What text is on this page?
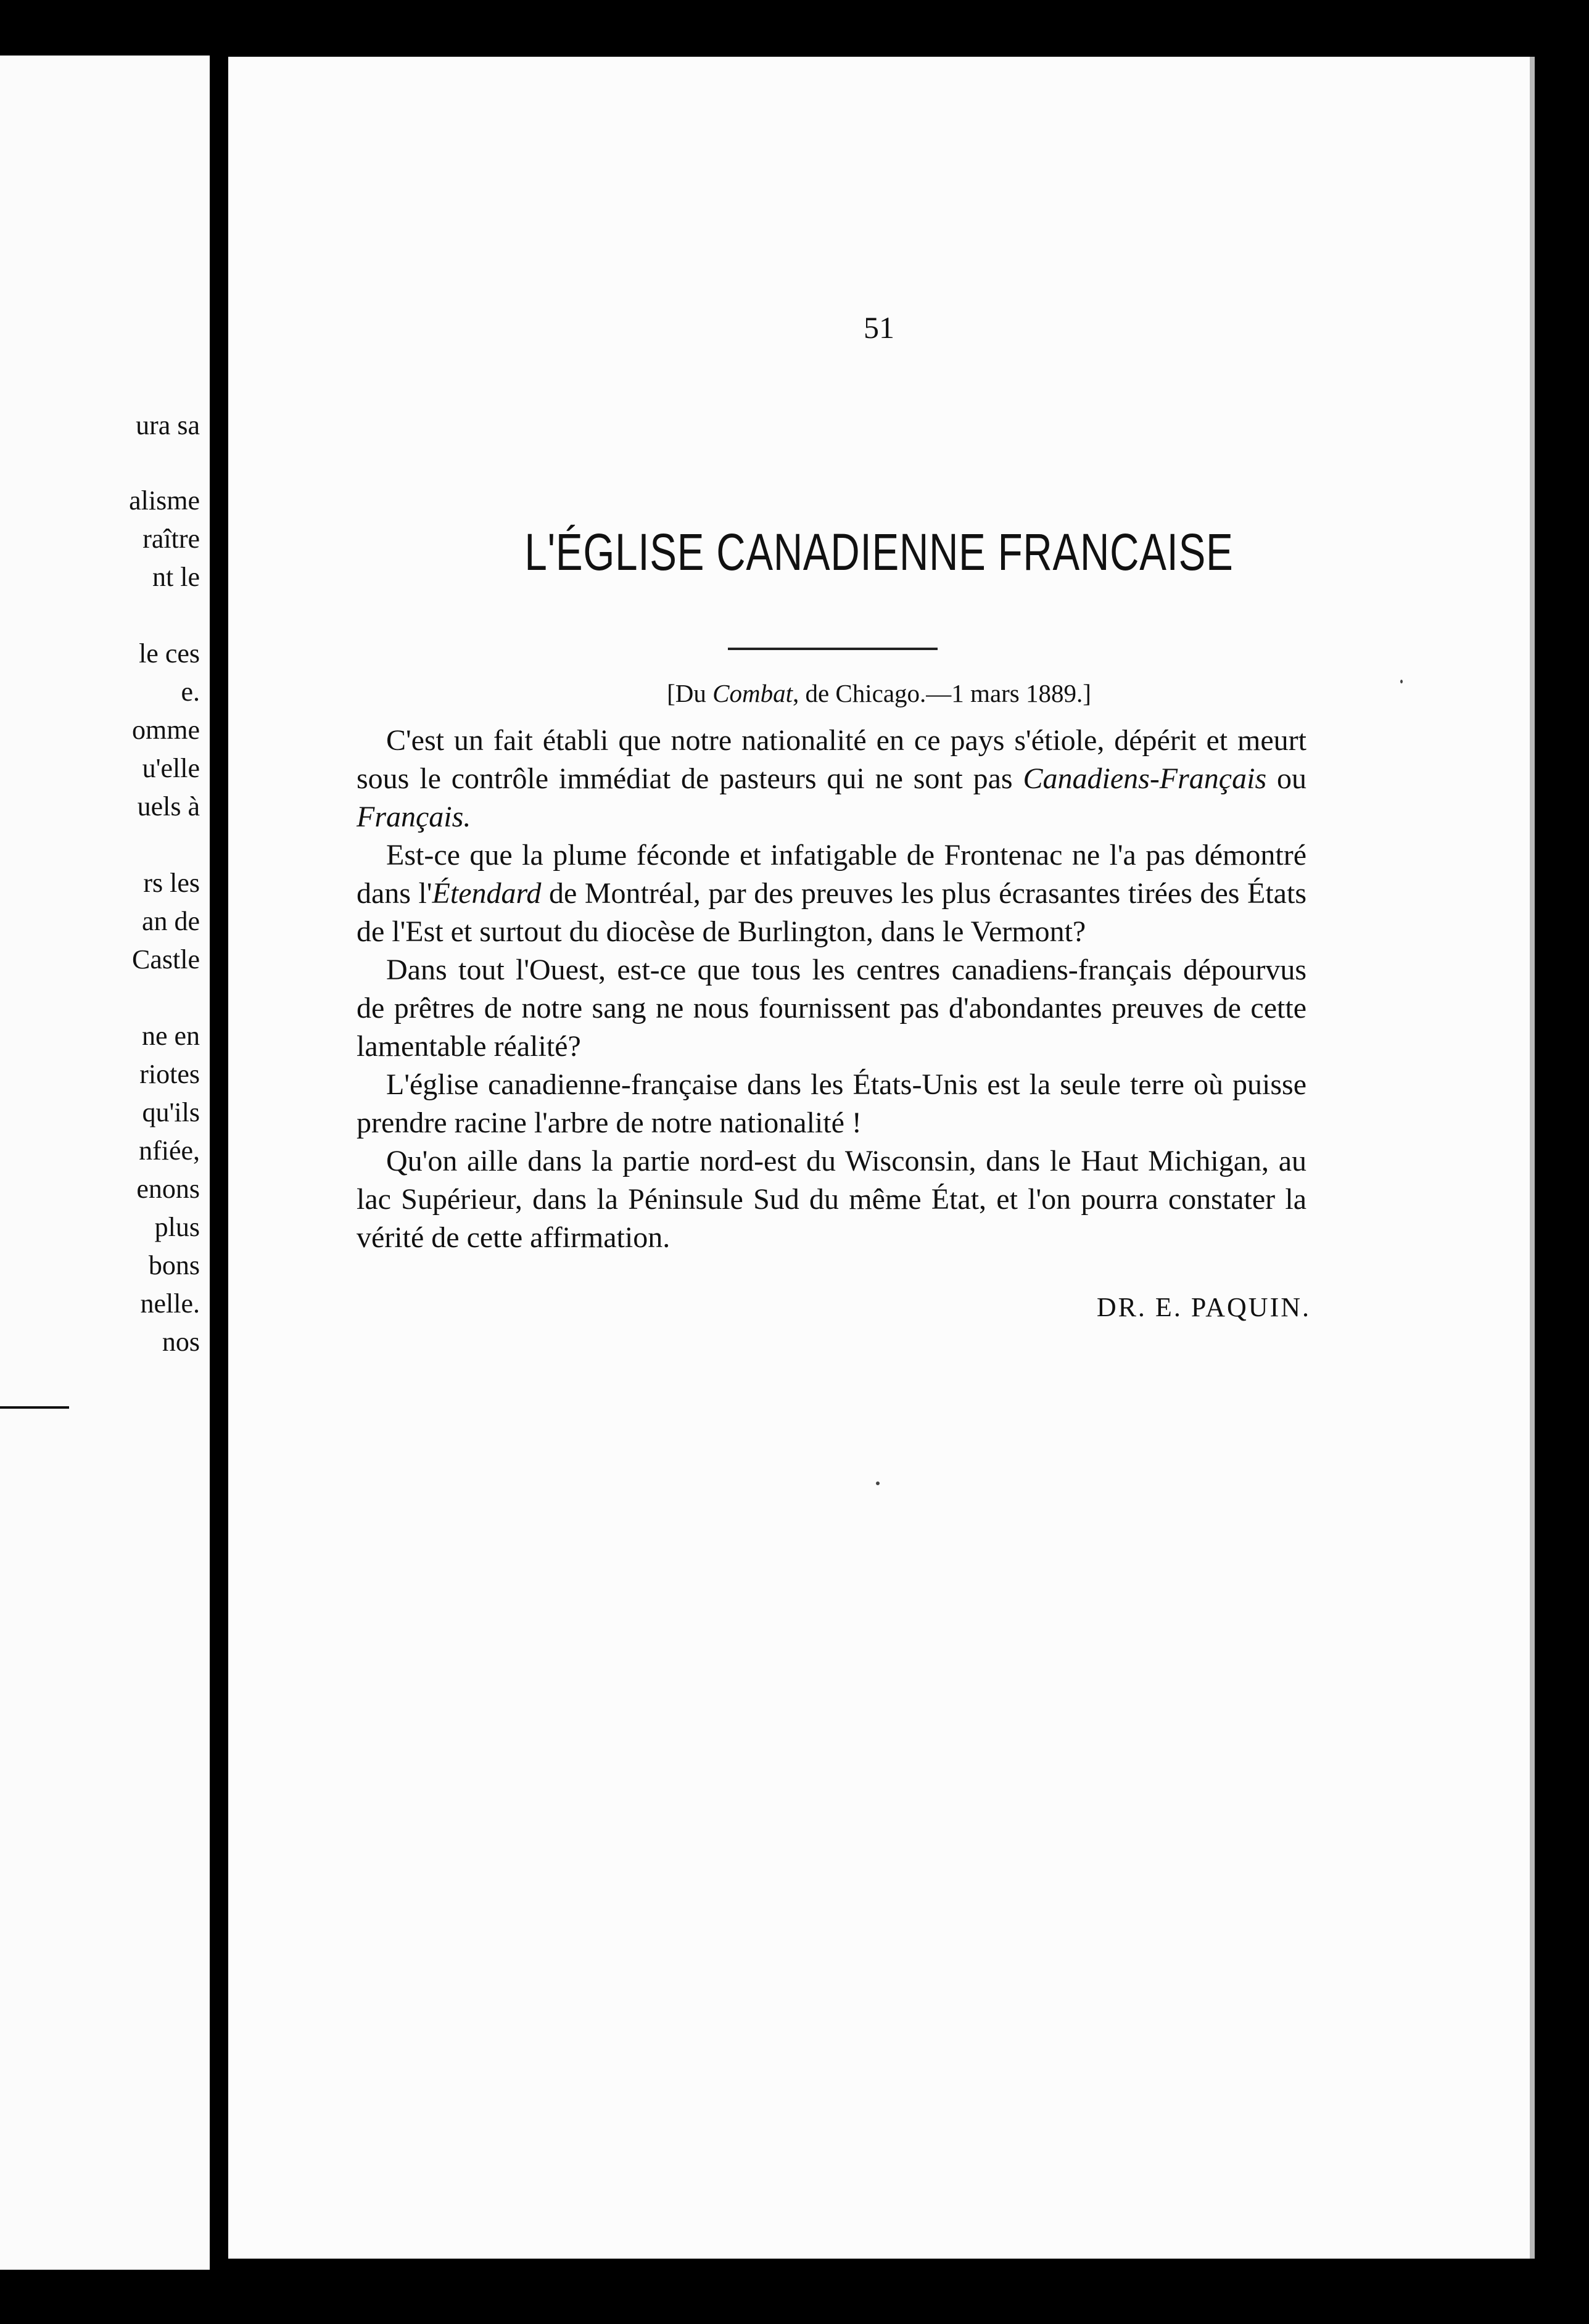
ura sa
alisme
raître
nt le
le ces
e.
omme
u'elle
uels à
rs les
an de
Castle
ne en
riotes
qu'ils
nfiée,
enons
plus
bons
nelle.
nos
51
L'ÉGLISE CANADIENNE FRANCAISE
[Du Combat, de Chicago.—1 mars 1889.]

C'est un fait établi que notre nationalité en ce pays s'étiole, dépérit et meurt sous le contrôle immédiat de pasteurs qui ne sont pas Canadiens-Français ou Français.

Est-ce que la plume féconde et infatigable de Frontenac ne l'a pas démontré dans l'Étendard de Montréal, par des preuves les plus écrasantes tirées des États de l'Est et surtout du diocèse de Burlington, dans le Vermont?

Dans tout l'Ouest, est-ce que tous les centres canadiens-français dépourvus de prêtres de notre sang ne nous fournissent pas d'abondantes preuves de cette lamentable réalité?

L'église canadienne-française dans les États-Unis est la seule terre où puisse prendre racine l'arbre de notre nationalité !

Qu'on aille dans la partie nord-est du Wisconsin, dans le Haut Michigan, au lac Supérieur, dans la Péninsule Sud du même État, et l'on pourra constater la vérité de cette affirmation.

DR. E. PAQUIN.
